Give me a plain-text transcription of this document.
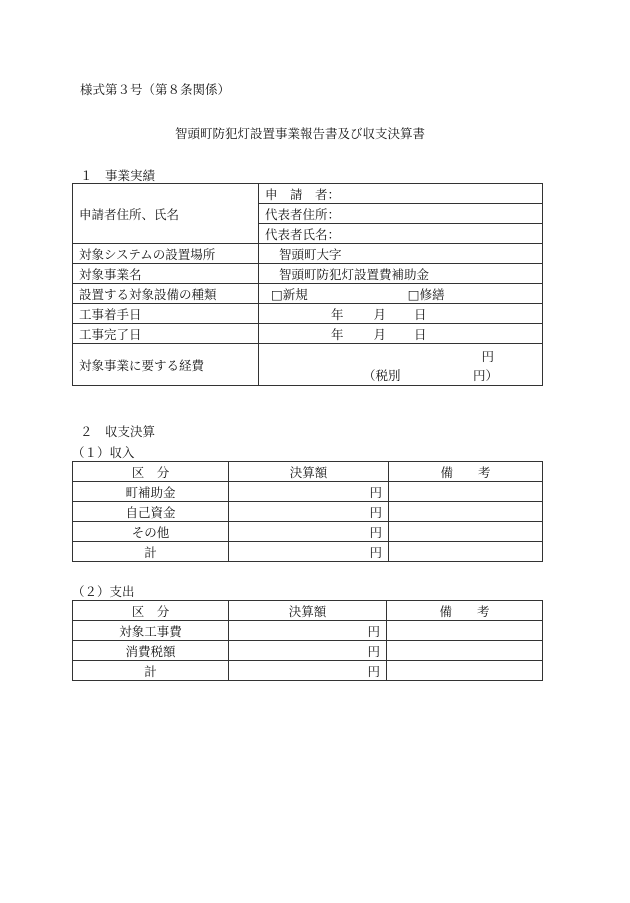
様式第３号（第８条関係）
智頭町防犯灯設置事業報告書及び収支決算書
１　事業実績
申請者住所、氏名	申　請　者：
	代表者住所：
	代表者氏名：
対象システムの設置場所	智頭町大字
対象事業名	智頭町防犯灯設置費補助金
設置する対象設備の種類	□新規 □修繕
工事着手日	年 月 日
工事完了日	年 月 日
対象事業に要する経費	円
（税別 円）
２　収支決算
（１）収入
区　分	決算額	備　　考
町補助金	円	
自己資金	円	
その他	円	
計	円	
（２）支出
区　分	決算額	備　　考
対象工事費	円	
消費税額	円	
計	円	
